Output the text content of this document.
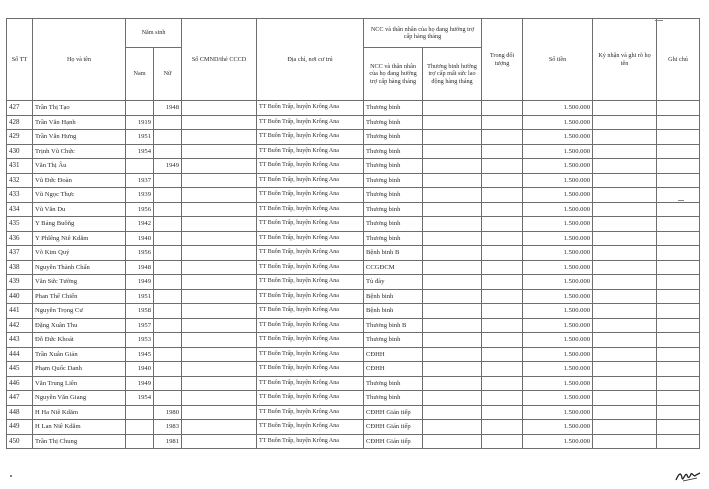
Số TT	Họ và tên	Năm sinh		Số CMND/thẻ CCCD	Địa chỉ, nơi cư trú	NCC và thân nhân của họ đang hưởng trợ cấp hàng tháng		Trong đối tượng	Số tiền	Ký nhận và ghi rõ họ tên	Ghi chú
		Nam	Nữ			NCC và thân nhân của họ đang hưởng trợ cấp hàng tháng	Thương binh hưởng trợ cấp mất sức lao động hàng tháng				
427	Trần Thị Tạo		1948		TT Buôn Trấp, huyện Krông Ana	Thương binh			1.500.000		
428	Trần Văn Hạnh	1919			TT Buôn Trấp, huyện Krông Ana	Thương binh			1.500.000		
429	Trần Văn Hưng	1951			TT Buôn Trấp, huyện Krông Ana	Thương binh			1.500.000		
430	Trịnh Vũ Chức	1954			TT Buôn Trấp, huyện Krông Ana	Thương binh			1.500.000		
431	Văn Thị Âu		1949		TT Buôn Trấp, huyện Krông Ana	Thương binh			1.500.000		
432	Vũ Đức Đoàn	1937			TT Buôn Trấp, huyện Krông Ana	Thương binh			1.500.000		
433	Vũ Ngọc Thực	1939			TT Buôn Trấp, huyện Krông Ana	Thương binh			1.500.000		
434	Vũ Văn Du	1956			TT Buôn Trấp, huyện Krông Ana	Thương binh			1.500.000		
435	Y Bảng Buôňg	1942			TT Buôn Trấp, huyện Krông Ana	Thương binh			1.500.000		
436	Y Phlêng Niê Kdăm	1940			TT Buôn Trấp, huyện Krông Ana	Thương binh			1.500.000		
437	Võ Kim Quý	1956			TT Buôn Trấp, huyện Krông Ana	Bệnh binh B			1.500.000		
438	Nguyễn Thành Chấn	1948			TT Buôn Trấp, huyện Krông Ana	CCGĐCM			1.500.000		
439	Văn Sức Tường	1949			TT Buôn Trấp, huyện Krông Ana	Tù đày			1.500.000		
440	Phan Thế Chiến	1951			TT Buôn Trấp, huyện Krông Ana	Bệnh binh			1.500.000		
441	Nguyễn Trọng Cư	1958			TT Buôn Trấp, huyện Krông Ana	Bệnh binh			1.500.000		
442	Đặng Xuân Thu	1957			TT Buôn Trấp, huyện Krông Ana	Thương binh B			1.500.000		
443	Đỗ Đức Khoát	1953			TT Buôn Trấp, huyện Krông Ana	Thương binh			1.500.000		
444	Trần Xuân Giản	1945			TT Buôn Trấp, huyện Krông Ana	CĐHH			1.500.000		
445	Phạm Quốc Danh	1940			TT Buôn Trấp, huyện Krông Ana	CĐHH			1.500.000		
446	Văn Trung Liên	1949			TT Buôn Trấp, huyện Krông Ana	Thương binh			1.500.000		
447	Nguyễn Văn Giang	1954			TT Buôn Trấp, huyện Krông Ana	Thương binh			1.500.000		
448	H Ha Niê Kdăm		1980		TT Buôn Trấp, huyện Krông Ana	CĐHH Gián tiếp			1.500.000		
449	H Lan Niê Kdăm		1983		TT Buôn Trấp, huyện Krông Ana	CĐHH Gián tiếp			1.500.000		
450	Trần Thị Chung		1981		TT Buôn Trấp, huyện Krông Ana	CĐHH Gián tiếp			1.500.000		
